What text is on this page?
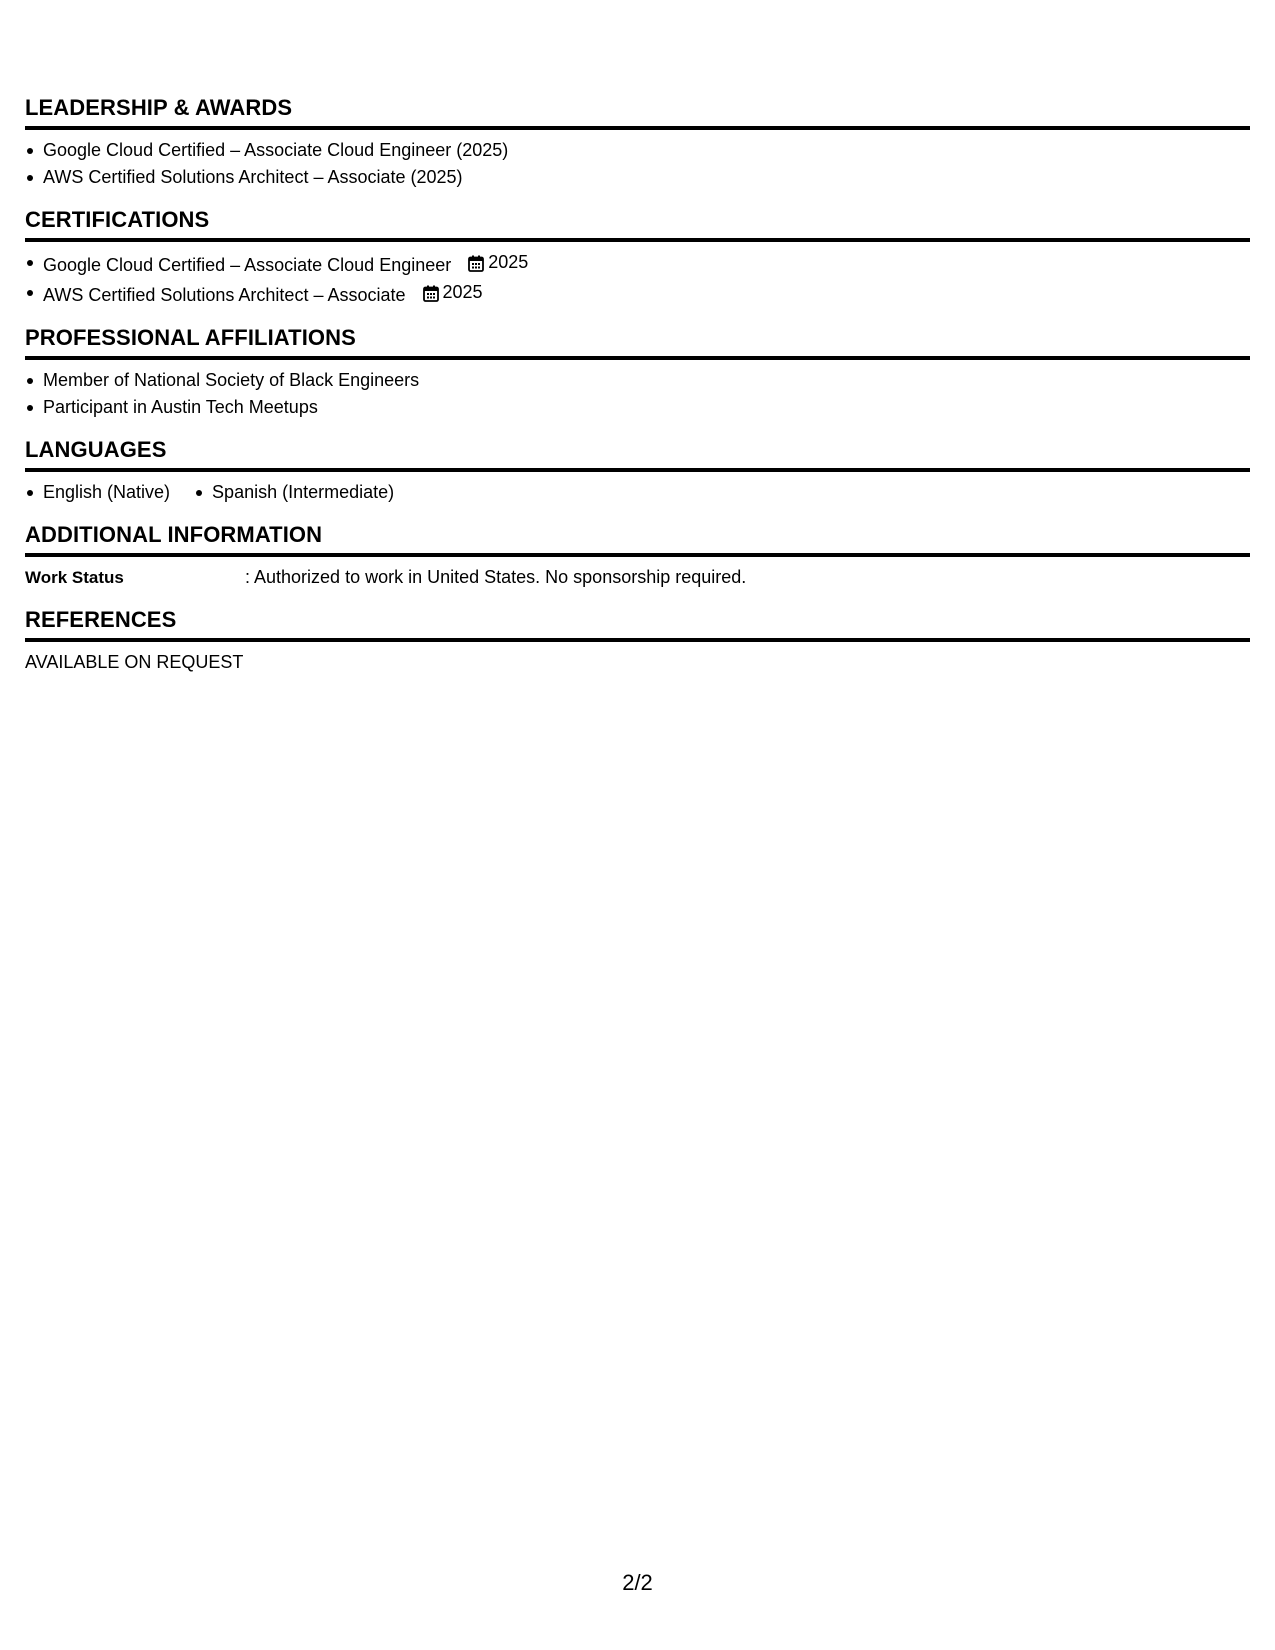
LEADERSHIP & AWARDS
Google Cloud Certified – Associate Cloud Engineer (2025)
AWS Certified Solutions Architect – Associate (2025)
CERTIFICATIONS
Google Cloud Certified – Associate Cloud Engineer 2025
AWS Certified Solutions Architect – Associate 2025
PROFESSIONAL AFFILIATIONS
Member of National Society of Black Engineers
Participant in Austin Tech Meetups
LANGUAGES
English (Native)	Spanish (Intermediate)
ADDITIONAL INFORMATION
Work Status	: Authorized to work in United States. No sponsorship required.
REFERENCES

AVAILABLE ON REQUEST

2/2
